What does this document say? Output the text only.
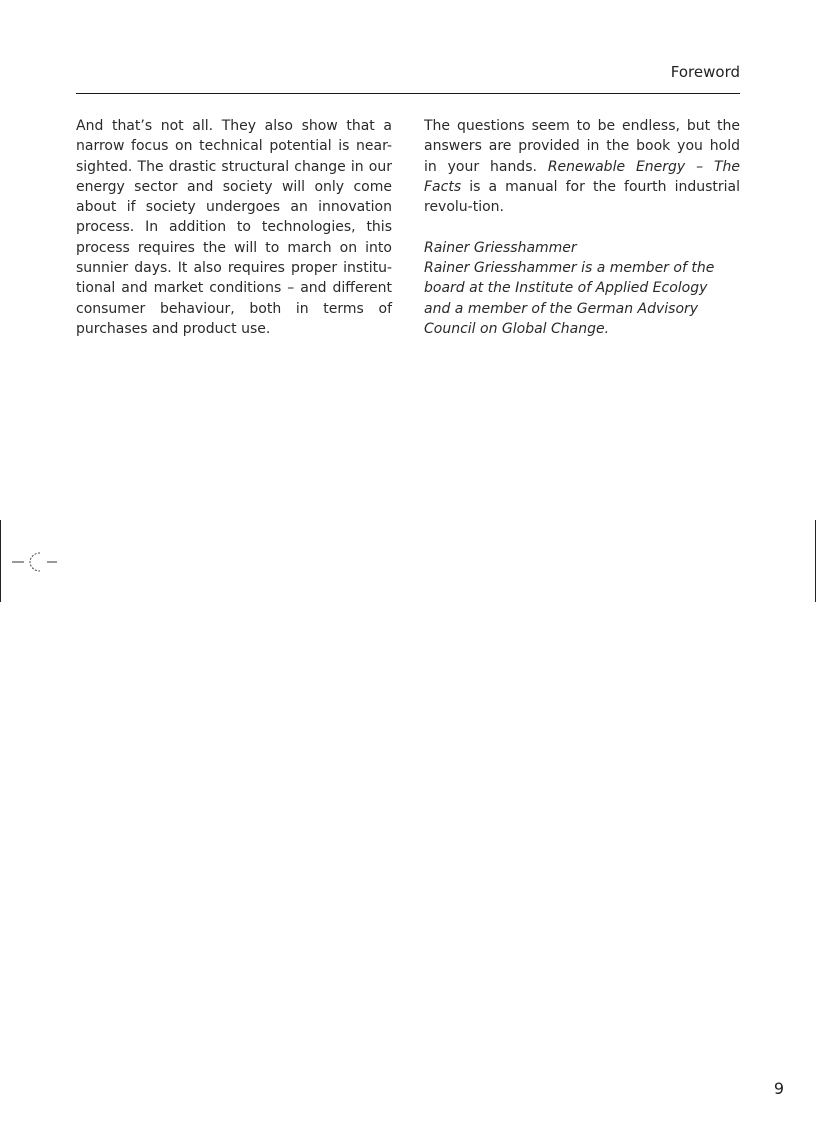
Foreword

And that’s not all. They also show that a narrow focus on technical potential is near-sighted. The drastic structural change in our energy sector and society will only come about if society undergoes an innovation process. In addition to technologies, this process requires the will to march on into sunnier days. It also requires proper institu-tional and market conditions – and different consumer behaviour, both in terms of purchases and product use.

The questions seem to be endless, but the answers are provided in the book you hold in your hands. Renewable Energy – The Facts is a manual for the fourth industrial revolu-tion.

Rainer Griesshammer
Rainer Griesshammer is a member of the
board at the Institute of Applied Ecology
and a member of the German Advisory
Council on Global Change.

9
